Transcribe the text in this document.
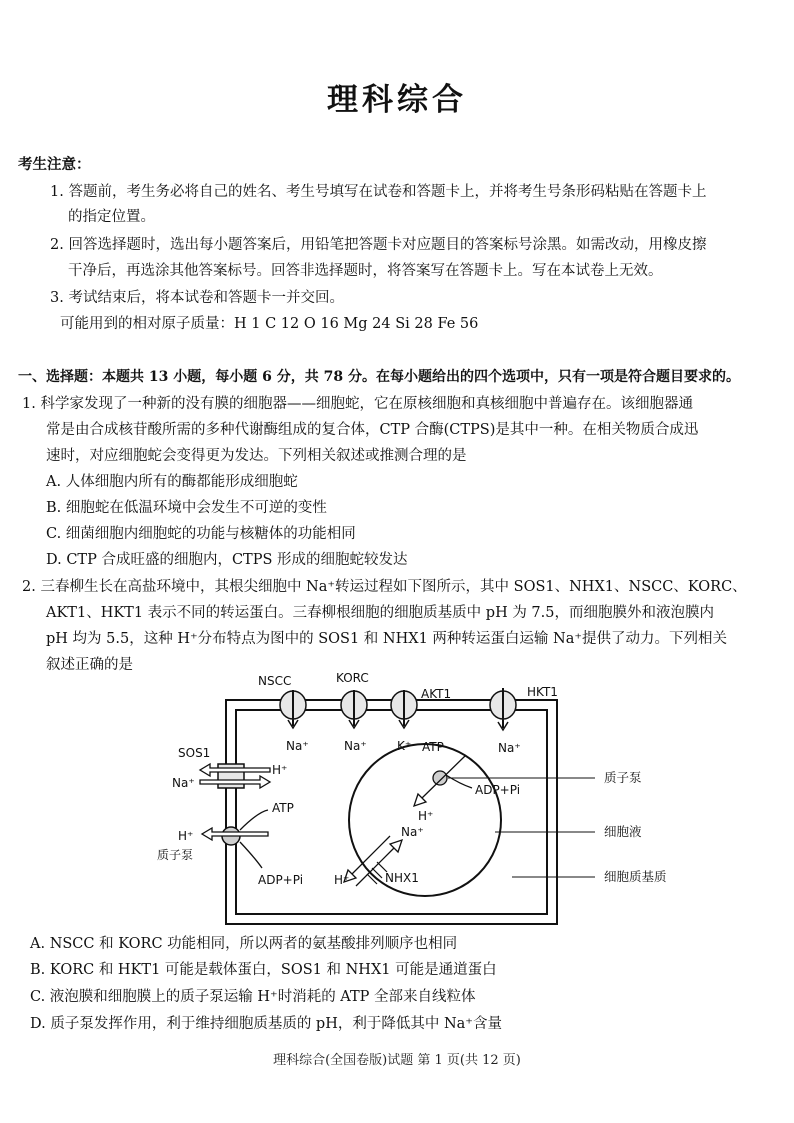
理科综合
考生注意：
1. 答题前，考生务必将自己的姓名、考生号填写在试卷和答题卡上，并将考生号条形码粘贴在答题卡上
的指定位置。
2. 回答选择题时，选出每小题答案后，用铅笔把答题卡对应题目的答案标号涂黑。如需改动，用橡皮擦
干净后，再选涂其他答案标号。回答非选择题时，将答案写在答题卡上。写在本试卷上无效。
3. 考试结束后，将本试卷和答题卡一并交回。
可能用到的相对原子质量：H 1 C 12 O 16 Mg 24 Si 28 Fe 56
一、选择题：本题共 13 小题，每小题 6 分，共 78 分。在每小题给出的四个选项中，只有一项是符合题目要求的。
1. 科学家发现了一种新的没有膜的细胞器——细胞蛇，它在原核细胞和真核细胞中普遍存在。该细胞器通
常是由合成核苷酸所需的多种代谢酶组成的复合体，CTP 合酶(CTPS)是其中一种。在相关物质合成迅
速时，对应细胞蛇会变得更为发达。下列相关叙述或推测合理的是
A. 人体细胞内所有的酶都能形成细胞蛇
B. 细胞蛇在低温环境中会发生不可逆的变性
C. 细菌细胞内细胞蛇的功能与核糖体的功能相同
D. CTP 合成旺盛的细胞内，CTPS 形成的细胞蛇较发达
2. 三春柳生长在高盐环境中，其根尖细胞中 Na⁺转运过程如下图所示，其中 SOS1、NHX1、NSCC、KORC、
AKT1、HKT1 表示不同的转运蛋白。三春柳根细胞的细胞质基质中 pH 为 7.5，而细胞膜外和液泡膜内
pH 均为 5.5，这种 H⁺分布特点为图中的 SOS1 和 NHX1 两种转运蛋白运输 Na⁺提供了动力。下列相关
叙述正确的是
NSCC	KORC
AKT1	HKT1
Na⁺	Na⁺	K⁺	Na⁺
SOS1
Na⁺
H⁺
ATP
H⁺
质子泵
ADP+Pi
ATP
ADP+Pi
H⁺
Na⁺
H⁺	NHX1
质子泵
细胞液
细胞质基质
A. NSCC 和 KORC 功能相同，所以两者的氨基酸排列顺序也相同
B. KORC 和 HKT1 可能是载体蛋白，SOS1 和 NHX1 可能是通道蛋白
C. 液泡膜和细胞膜上的质子泵运输 H⁺时消耗的 ATP 全部来自线粒体
D. 质子泵发挥作用，利于维持细胞质基质的 pH，利于降低其中 Na⁺含量
理科综合(全国卷版)试题 第 1 页(共 12 页)
